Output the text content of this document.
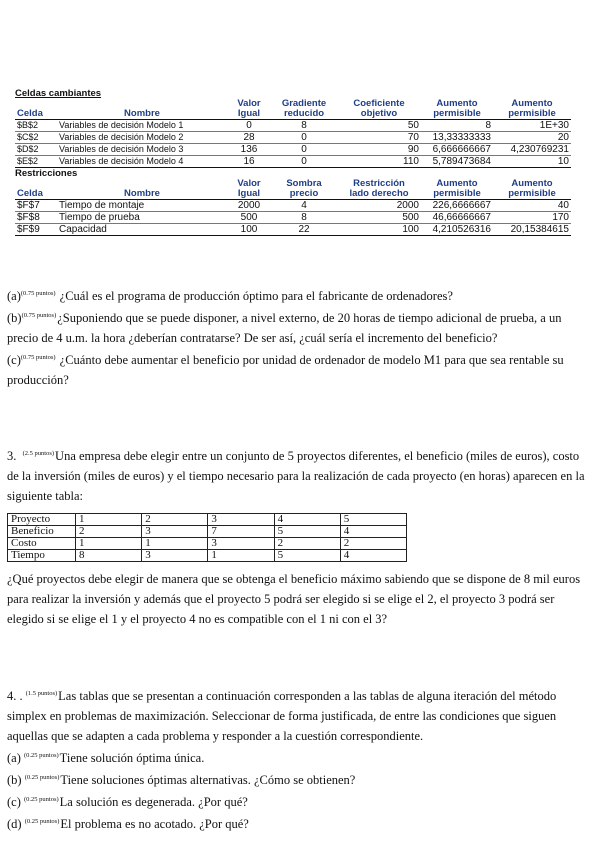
Celdas cambiantes
		Valor	Gradiente	Coeficiente	Aumento	Aumento
Celda	Nombre	Igual	reducido	objetivo	permisible	permisible
$B$2	Variables de decisión Modelo 1	0	8	50	8	1E+30
$C$2	Variables de decisión Modelo 2	28	0	70	13,33333333	20
$D$2	Variables de decisión Modelo 3	136	0	90	6,666666667	4,230769231
$E$2	Variables de decisión Modelo 4	16	0	110	5,789473684	10
Restricciones
		Valor	Sombra	Restricción	Aumento	Aumento
Celda	Nombre	Igual	precio	lado derecho	permisible	permisible
$F$7	Tiempo de montaje	2000	4	2000	226,6666667	40
$F$8	Tiempo de prueba	500	8	500	46,66666667	170
$F$9	Capacidad	100	22	100	4,210526316	20,15384615

$(a)^{(0.75 puntos)}$ ¿Cuál es el programa de producción óptimo para el fabricante de ordenadores?

$(b)^{(0.75 puntos)}¿Suponiendo$ que se puede disponer, a nivel externo, de 20 horas de tiempo adicional de prueba, a un precio de 4 u.m. la hora ¿deberían contratarse? De ser así, ¿cuál sería el incremento del beneficio?

$(c)^{(0.75 puntos)}$ ¿Cuánto debe aumentar el beneficio por unidad de ordenador de modelo M1 para que sea rentable su producción?

3. $^{(2.5 puntos)}$Una empresa debe elegir entre un conjunto de 5 proyectos diferentes, el beneficio (miles de euros), costo de la inversión (miles de euros) y el tiempo necesario para la realización de cada proyecto (en horas) aparecen en la siguiente tabla:

Proyecto	1	2	3	4	5
Beneficio	2	3	7	5	4
Costo	1	1	3	2	2
Tiempo	8	3	1	5	4

¿Qué proyectos debe elegir de manera que se obtenga el beneficio máximo sabiendo que se dispone de 8 mil euros para realizar la inversión y además que el proyecto 5 podrá ser elegido si se elige el 2, el proyecto 3 podrá ser elegido si se elige el 1 y el proyecto 4 no es compatible con el 1 ni con el 3?

4. . $^{(1.5 puntos)}$Las tablas que se presentan a continuación corresponden a las tablas de alguna iteración del método simplex en problemas de maximización. Seleccionar de forma justificada, de entre las condiciones que siguen aquellas que se adapten a cada problema y responder a la cuestión correspondiente.

(a) $^{(0.25 puntos)}$Tiene solución óptima única.

(b) $^{(0.25 puntos)}$Tiene soluciones óptimas alternativas. ¿Cómo se obtienen?

(c) $^{(0.25 puntos)}$La solución es degenerada. ¿Por qué?

(d) $^{(0.25 puntos)}$El problema es no acotado. ¿Por qué?
